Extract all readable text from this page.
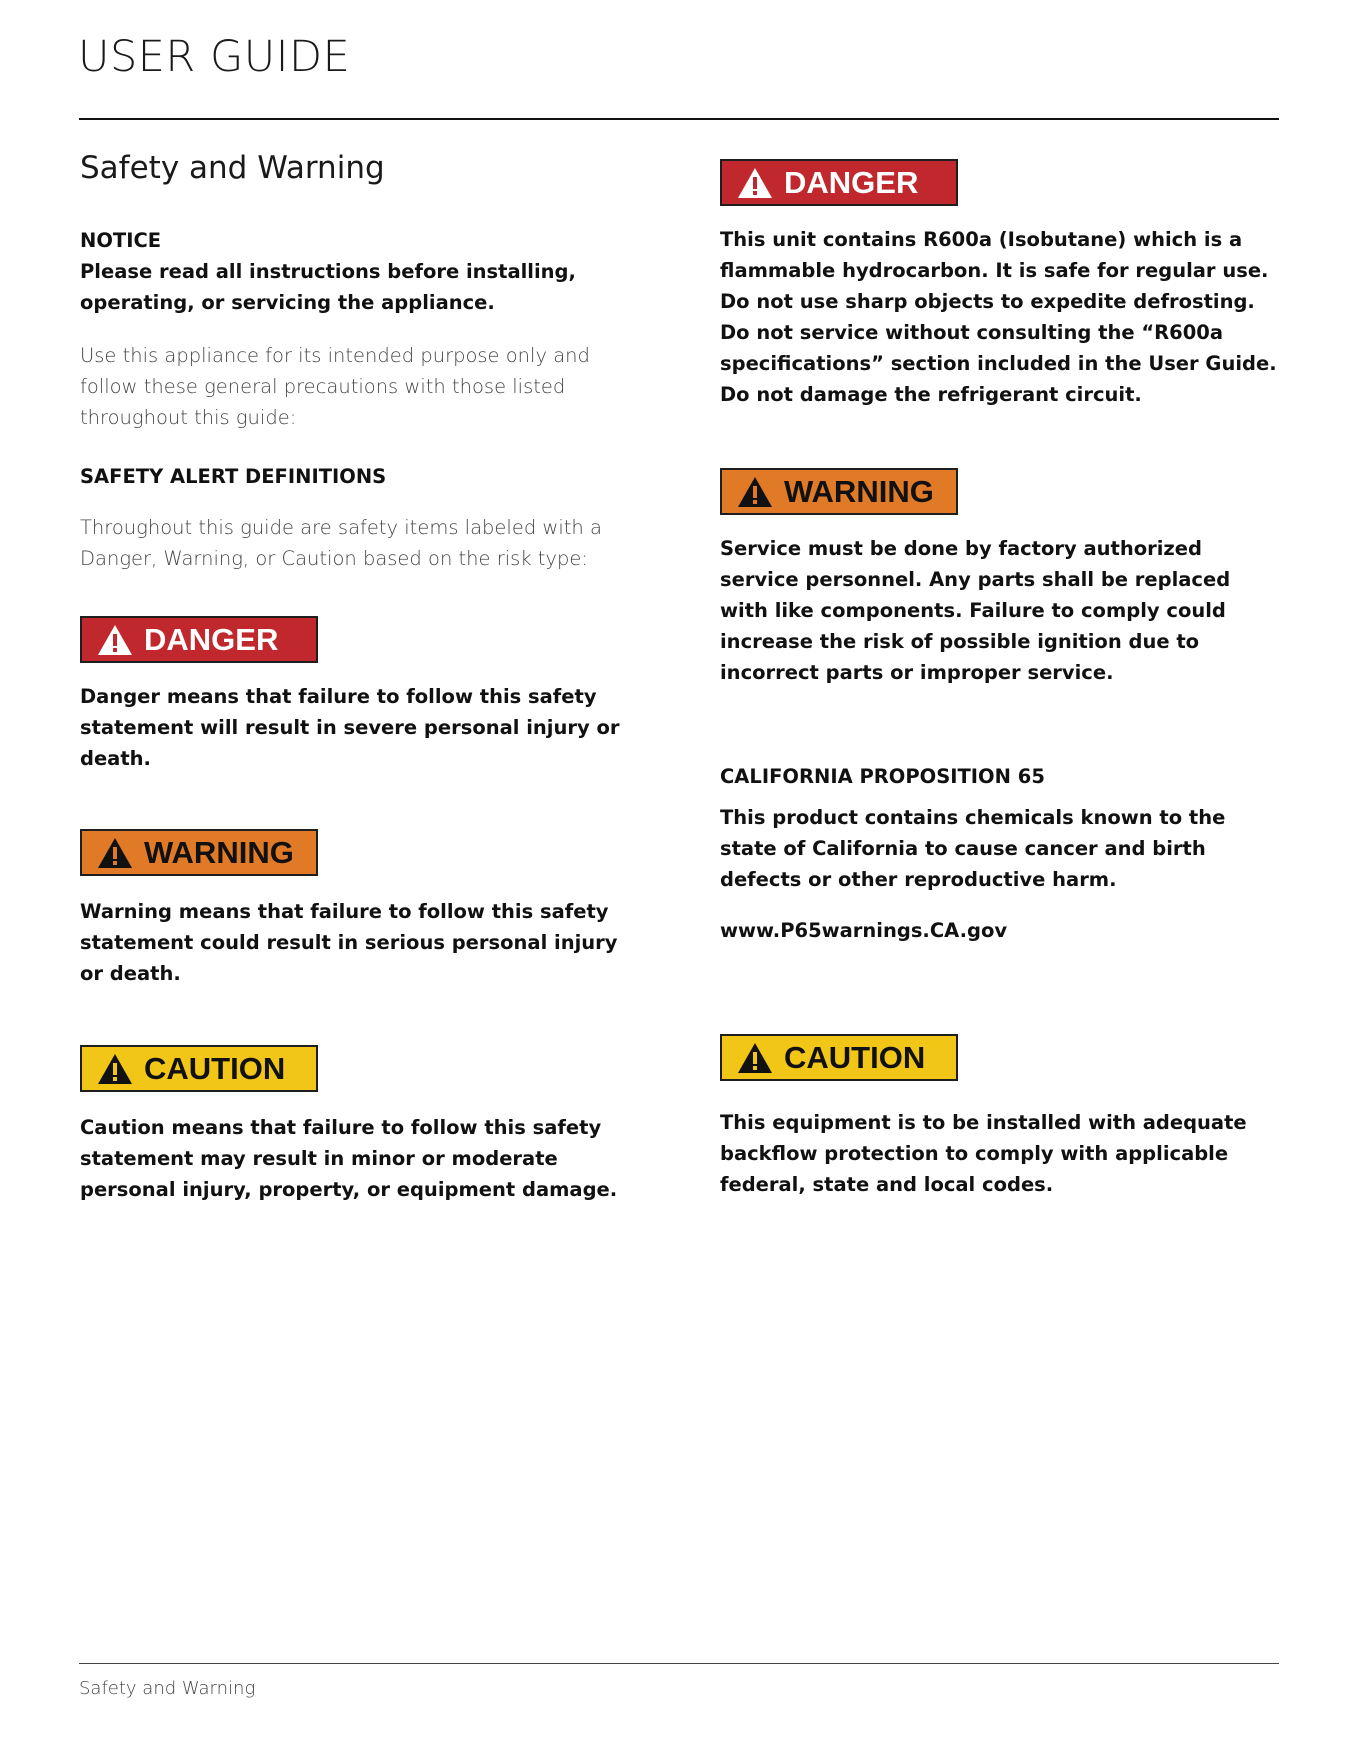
USER GUIDE
Safety and Warning

NOTICE

Please read all instructions before installing, operating, or servicing the appliance.

Use this appliance for its intended purpose only and follow these general precautions with those listed throughout this guide:

SAFETY ALERT DEFINITIONS

Throughout this guide are safety items labeled with a Danger, Warning, or Caution based on the risk type:

DANGER

Danger means that failure to follow this safety statement will result in severe personal injury or death.

WARNING

Warning means that failure to follow this safety statement could result in serious personal injury or death.

CAUTION

Caution means that failure to follow this safety statement may result in minor or moderate personal injury, property, or equipment damage.

DANGER

This unit contains R600a (Isobutane) which is a flammable hydrocarbon. It is safe for regular use. Do not use sharp objects to expedite defrosting. Do not service without consulting the “R600a specifications” section included in the User Guide. Do not damage the refrigerant circuit.

WARNING

Service must be done by factory authorized service personnel. Any parts shall be replaced with like components. Failure to comply could increase the risk of possible ignition due to incorrect parts or improper service.

CALIFORNIA PROPOSITION 65

This product contains chemicals known to the state of California to cause cancer and birth defects or other reproductive harm.

www.P65warnings.CA.gov

CAUTION

This equipment is to be installed with adequate backflow protection to comply with applicable federal, state and local codes.

Safety and Warning
